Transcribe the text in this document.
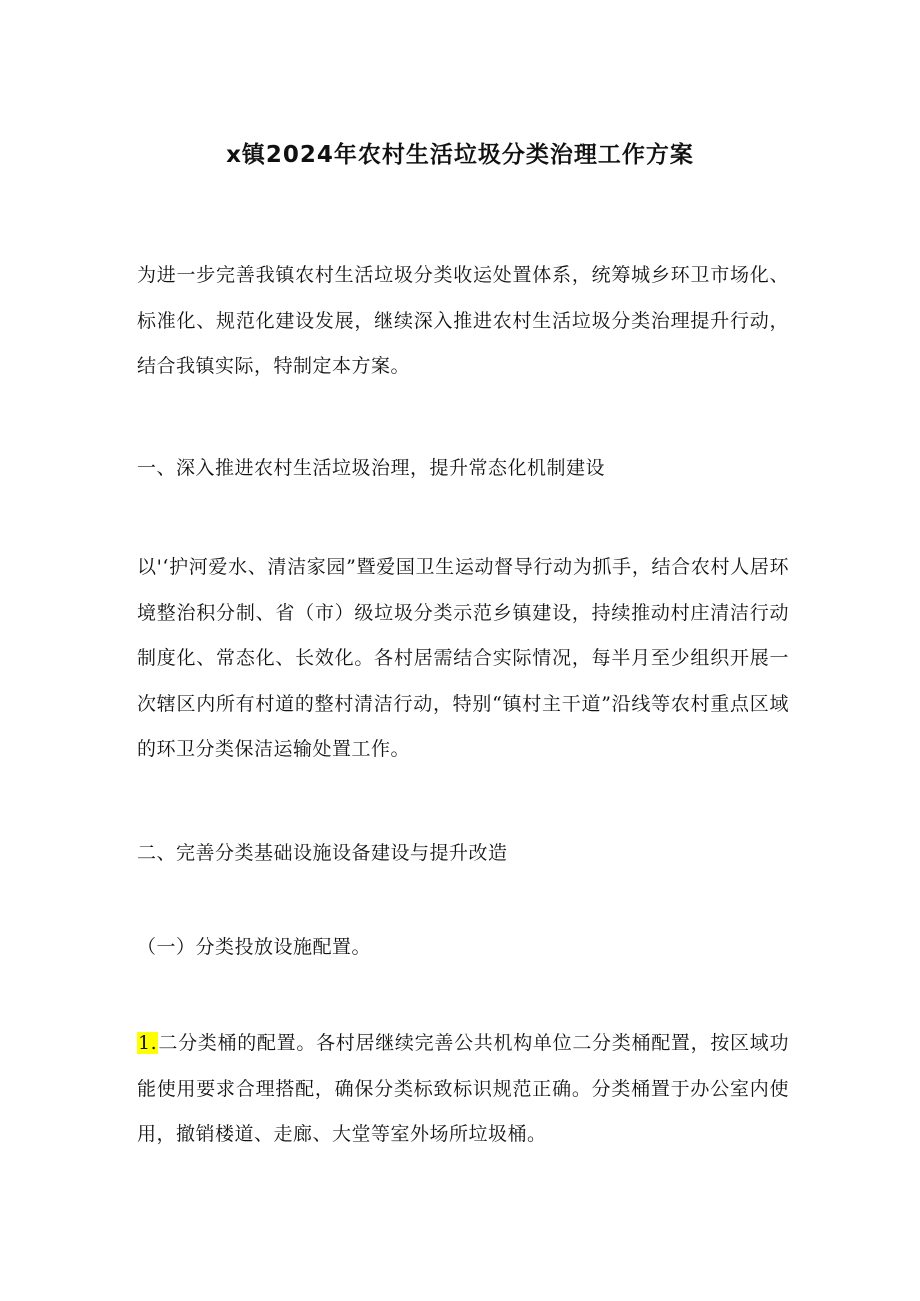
x镇2024年农村生活垃圾分类治理工作方案

为进一步完善我镇农村生活垃圾分类收运处置体系，统筹城乡环卫市场化、标准化、规范化建设发展，继续深入推进农村生活垃圾分类治理提升行动，结合我镇实际，特制定本方案。

一、深入推进农村生活垃圾治理，提升常态化机制建设

以'‘护河爱水、清洁家园”暨爱国卫生运动督导行动为抓手，结合农村人居环境整治积分制、省（市）级垃圾分类示范乡镇建设，持续推动村庄清洁行动制度化、常态化、长效化。各村居需结合实际情况，每半月至少组织开展一次辖区内所有村道的整村清洁行动，特别“镇村主干道”沿线等农村重点区域的环卫分类保洁运输处置工作。

二、完善分类基础设施设备建设与提升改造

（一）分类投放设施配置。

1.二分类桶的配置。各村居继续完善公共机构单位二分类桶配置，按区域功能使用要求合理搭配，确保分类标致标识规范正确。分类桶置于办公室内使用，撤销楼道、走廊、大堂等室外场所垃圾桶。
